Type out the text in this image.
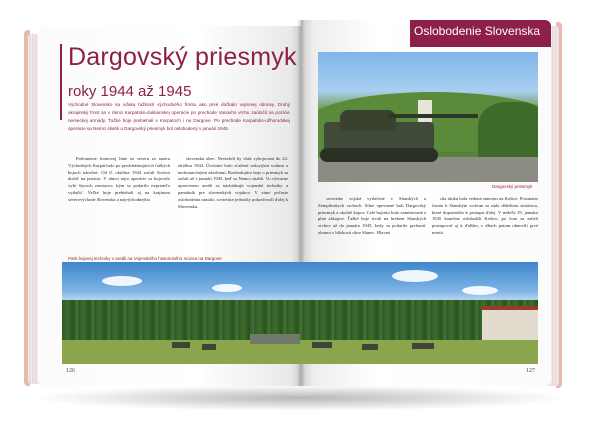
Dargovský priesmyk
roky 1944 až 1945
Východné Slovensko sa vďaka ťažkostí východného frontu ako prvé dočkalo vojnovej obnovy. Druhý ukrajinský front sa v rámci Karpatsko-duklianskej operácie po prechode Vanovho vrchu zaútočil na pozície nemeckej armády. Ťažké boje prebiehali v Karpatoch i na Dargove. Po prechode Karpatsko-užhorodskej operácie sa Nemci stiahli a Dargovský priesmyk bol oslobodený v januári 1945.
Prelomenie frontovej línie zo severu zo smeru Východných Karpát bolo po predchádzajúcich ťažkých bojoch náročné. Od 8. októbra 1944 začali Sovieti útočiť na pozície. V rámci tejto operácie sa bojovalo vyše štyroch mesiacov, kým sa podarilo nepriateľa vytlačiť. Veľké boje prebiehali aj na krajinom severovýchode Slovenska a najvýchodnejšia
slovenská obec. Neviaželi by však vybojovaní do 24. októbra 1944. Útočenie bolo sťažené zakrytými svahmi a nedostatočnými zásobami. Rozhodujúce boje o priesmyk sa začali až v januári 1945, keď sa Nemci stiahli. Vo výtvarne upravenom areáli sa nachádzajú vojenské techniky a pamätník pre slovenských vojakov. V zime počasie oslobodenia nastalo, sovietske jednotky pokračovali ďalej k Slovensku.
Oslobodenie Slovenska
Dargovský priesmyk
sovietske vojská vytlačené v Slanských a Zemplínskych vrchoch. Silne opevnené boli Dargovský priesmyk a okolité kopce. Celé bojisko bolo zamínované a plné zákopov. Ťažké boje trvali na hrebeni Slanských vrchov až do januára 1945, kedy sa podarilo prelomiť obranu v blízkosti obce Slanec. Hlavná
sila útoku bola vedená smerom na Košice. Posunutie frontu k Slanským vrchom sa stalo dôležitou situáciou, ktoré dopomohlo k postupu ďalej. V nedeľu 19. januára 1945 konečne oslobodili Košice, po čom sa začali postupovať aj k ďalším, v dňoch potom obnovili prvé mestá.
Park bojovej techniky v areáli na Vojenského historického múzea na Dargove
126	127
